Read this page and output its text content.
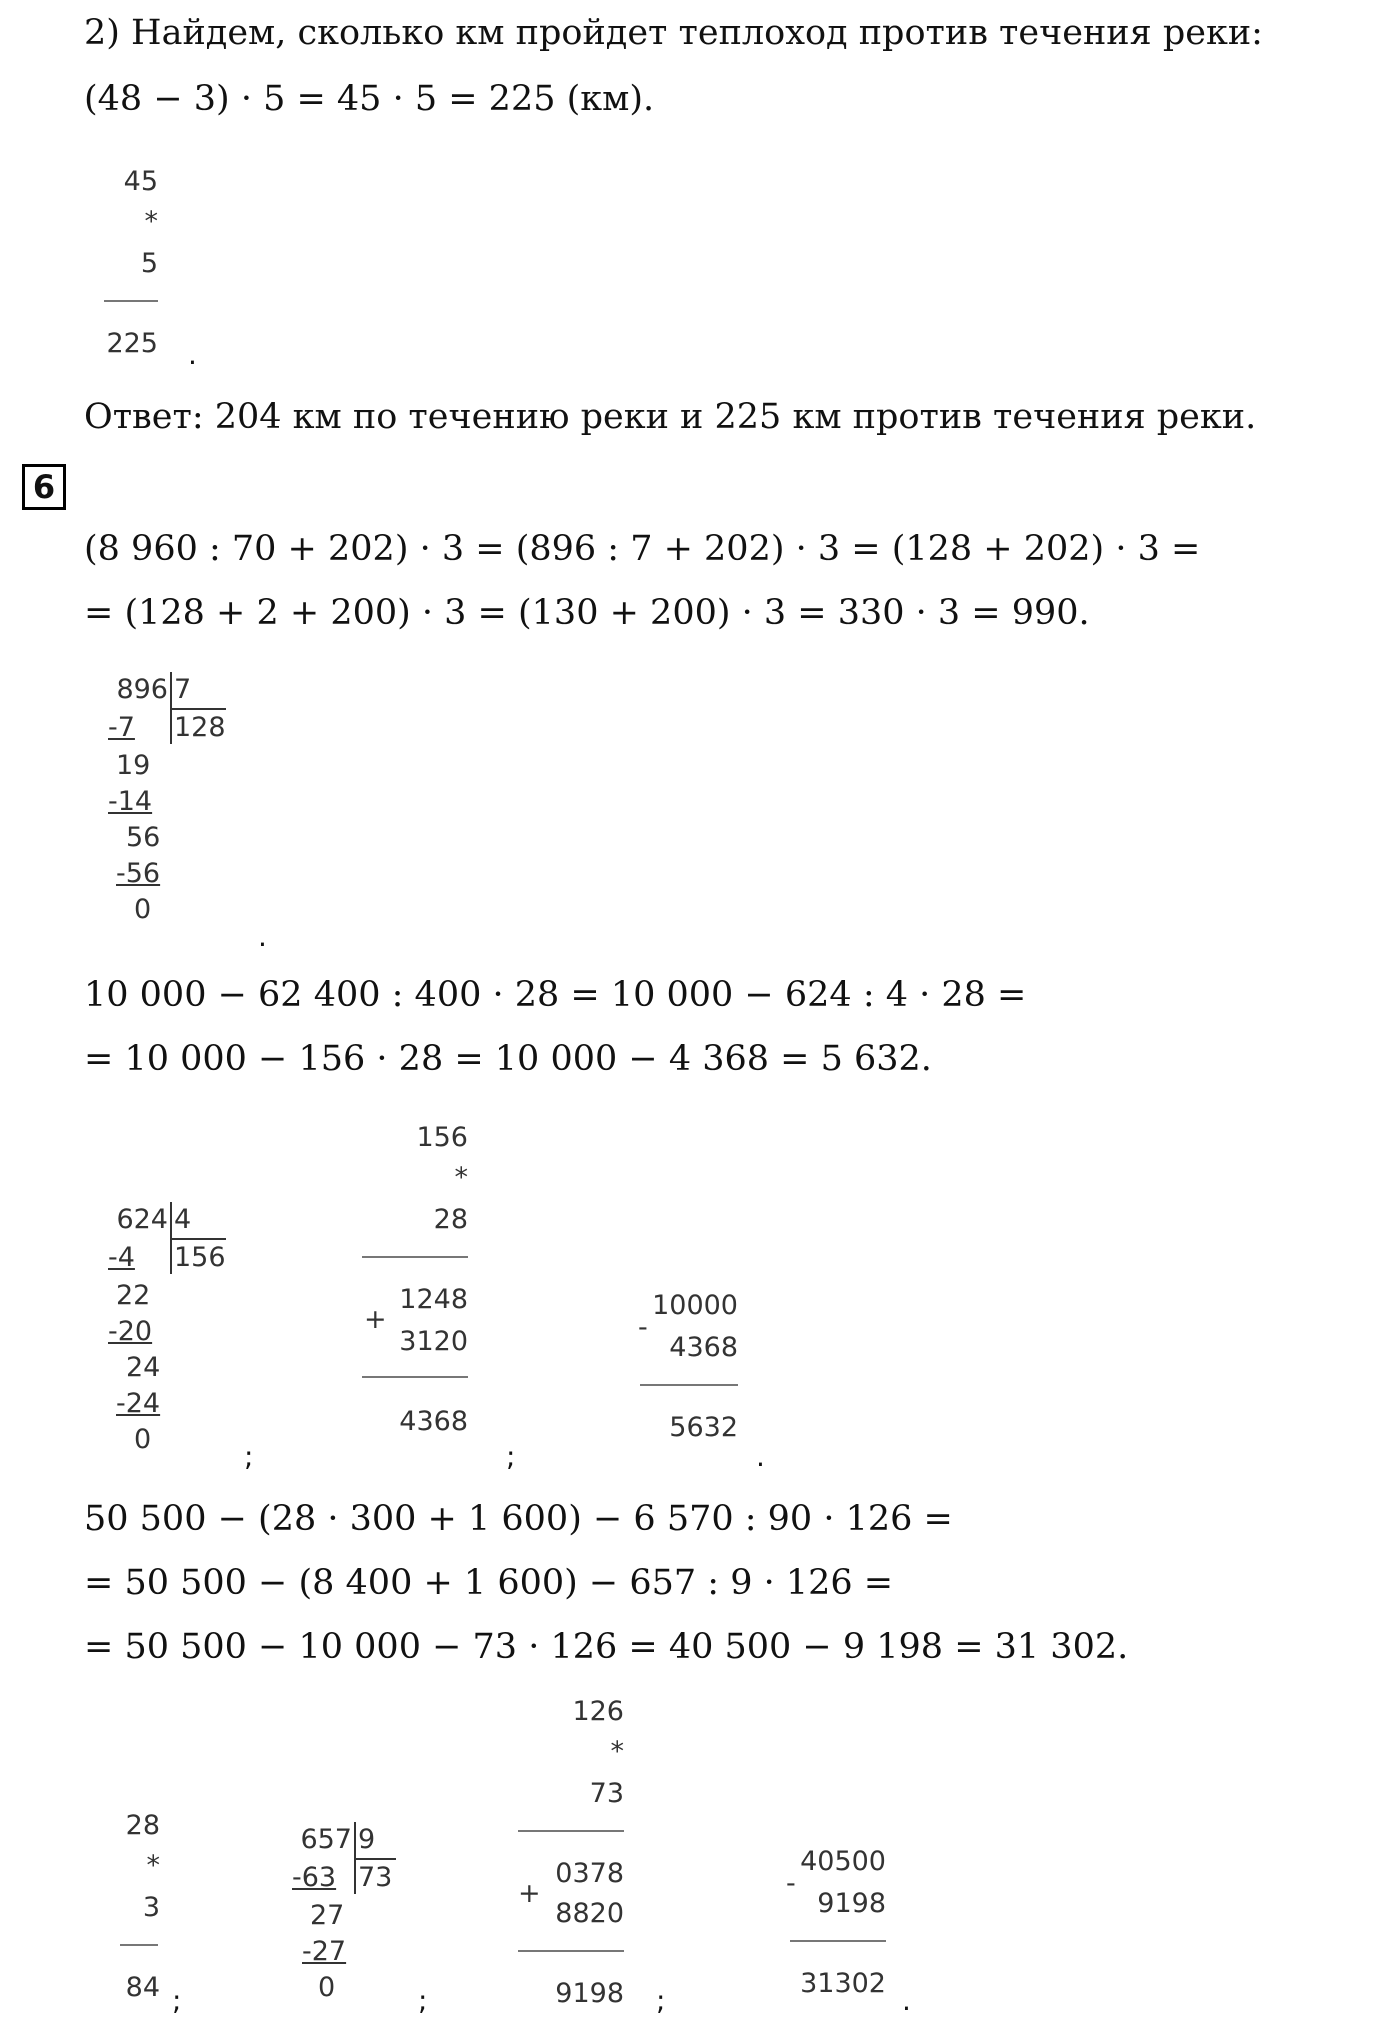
2) Найдем, сколько км пройдет теплоход против течения реки:
(48 − 3) · 5 = 45 · 5 = 225 (км).
45
*
5
225 .
Ответ: 204 км по течению реки и 225 км против течения реки.
6
(8 960 : 70 + 202) · 3 = (896 : 7 + 202) · 3 = (128 + 202) · 3 =
= (128 + 2 + 200) · 3 = (130 + 200) · 3 = 330 · 3 = 990.
896 7
128
-7
19
-14
56
-56
0
.
10 000 − 62 400 : 400 · 28 = 10 000 − 624 : 4 · 28 =
= 10 000 − 156 · 28 = 10 000 − 4 368 = 5 632.
624 4
156
-4
22
-20
24
-24
0
;
156
*
28
1248
+
3120
4368
;
10000
-
4368
5632
.
50 500 − (28 · 300 + 1 600) − 6 570 : 90 · 126 =
= 50 500 − (8 400 + 1 600) − 657 : 9 · 126 =
= 50 500 − 10 000 − 73 · 126 = 40 500 − 9 198 = 31 302.
28
*
3
84 ;
657 9
73
-63
27
-27
0	;
126
*
73
0378
+
8820
9198 ;
40500
-
9198
31302
.
